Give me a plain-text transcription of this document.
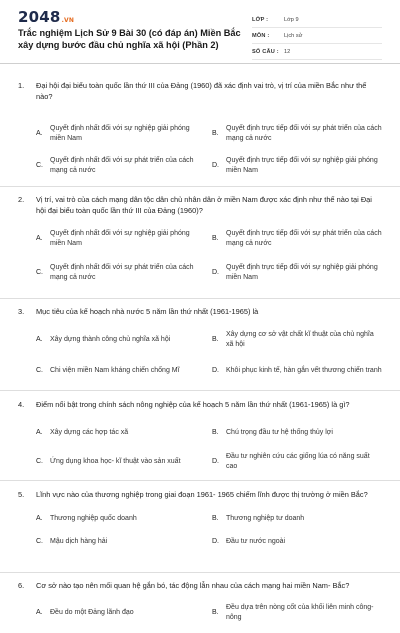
2048.VN
Trắc nghiệm Lịch Sử 9 Bài 30 (có đáp án) Miền Bắc xây dựng bước đầu chủ nghĩa xã hội (Phần 2)
LỚP :	Lớp 9
MÔN :	Lịch sử
SỐ CÂU : 12
1.	Đại hội đại biểu toàn quốc lần thứ III của Đảng (1960) đã xác định vai trò, vị trí của miền Bắc như thế nào?
A.
Quyết định nhất đối với sự nghiệp giải phóng miền Nam
B.
Quyết định trực tiếp đối với sự phát triển của cách mạng cả nước
C.
Quyết định nhất đối với sự phát triển của cách mạng cả nước
D.
Quyết định trực tiếp đối với sự nghiệp giải phóng miền Nam
2.	Vị trí, vai trò của cách mạng dân tộc dân chủ nhân dân ở miền Nam được xác định như thế nào tại Đại hội đại biểu toàn quốc lần thứ III của Đảng (1960)?
A.
Quyết định nhất đối với sự nghiệp giải phóng miền Nam
B.
Quyết định trực tiếp đối với sự phát triển của cách mạng cả nước
C.
Quyết định nhất đối với sự phát triển của cách mạng cả nước
D.
Quyết định trực tiếp đối với sự nghiệp giải phóng miền Nam
3.	Mục tiêu của kế hoạch nhà nước 5 năm lần thứ nhất (1961-1965) là
A.	Xây dựng thành công chủ nghĩa xã hội	B.
Xây dựng cơ sở vật chất kĩ thuật của chủ nghĩa xã hội
C.	Chi viện miền Nam kháng chiến chống Mĩ	D.	Khôi phục kinh tế, hàn gắn vết thương chiến tranh
4.	Điểm nổi bật trong chính sách nông nghiệp của kế hoạch 5 năm lần thứ nhất (1961-1965) là gì?
A.	Xây dựng các hợp tác xã	B.	Chú trọng đầu tư hệ thống thủy lợi
C.	Ứng dụng khoa học- kĩ thuật vào sản xuất	D.
Đầu tư nghiên cứu các giống lúa có năng suất cao
5.	Lĩnh vực nào của thương nghiệp trong giai đoạn 1961- 1965 chiếm lĩnh được thị trường ở miền Bắc?
A.	Thương nghiệp quốc doanh	B.	Thương nghiệp tư doanh
C.	Mậu dịch hàng hải	D.	Đầu tư nước ngoài
6.	Cơ sở nào tạo nên mối quan hệ gắn bó, tác động lẫn nhau của cách mạng hai miền Nam- Bắc?
A.	Đều do một Đảng lãnh đạo	B.
Đều dựa trên nòng cốt của khối liên minh công- nông
